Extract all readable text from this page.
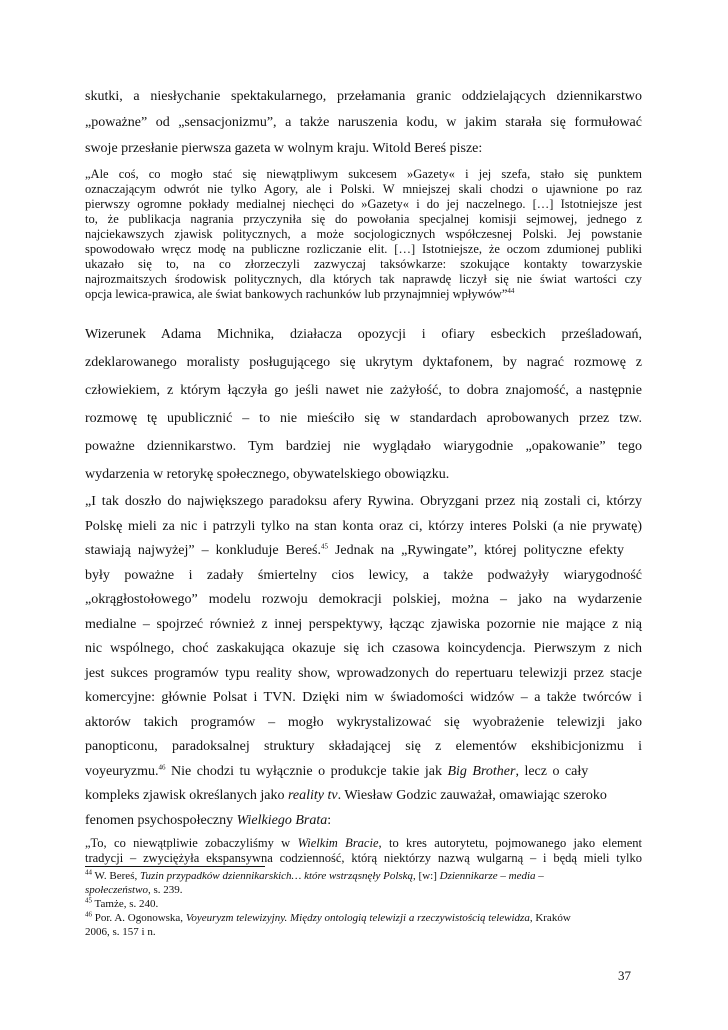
skutki, a niesłychanie spektakularnego, przełamania granic oddzielających dziennikarstwo
„poważne” od „sensacjonizmu”, a także naruszenia kodu, w jakim starała się formułować
swoje przesłanie pierwsza gazeta w wolnym kraju. Witold Bereś pisze:
„Ale coś, co mogło stać się niewątpliwym sukcesem »Gazety« i jej szefa, stało się punktem
oznaczającym odwrót nie tylko Agory, ale i Polski. W mniejszej skali chodzi o ujawnione po raz
pierwszy ogromne pokłady medialnej niechęci do »Gazety« i do jej naczelnego. […] Istotniejsze jest
to, że publikacja nagrania przyczyniła się do powołania specjalnej komisji sejmowej, jednego z
najciekawszych zjawisk politycznych, a może socjologicznych współczesnej Polski. Jej powstanie
spowodowało wręcz modę na publiczne rozliczanie elit. […] Istotniejsze, że oczom zdumionej publiki
ukazało się to, na co złorzeczyli zazwyczaj taksówkarze: szokujące kontakty towarzyskie
najrozmaitszych środowisk politycznych, dla których tak naprawdę liczył się nie świat wartości czy
opcja lewica-prawica, ale świat bankowych rachunków lub przynajmniej wpływów”$^{44}$
Wizerunek Adama Michnika, działacza opozycji i ofiary esbeckich prześladowań,
zdeklarowanego moralisty posługującego się ukrytym dyktafonem, by nagrać rozmowę z
człowiekiem, z którym łączyła go jeśli nawet nie zażyłość, to dobra znajomość, a następnie
rozmowę tę upublicznić – to nie mieściło się w standardach aprobowanych przez tzw.
poważne dziennikarstwo. Tym bardziej nie wyglądało wiarygodnie „opakowanie” tego
wydarzenia w retorykę społecznego, obywatelskiego obowiązku.
„I tak doszło do największego paradoksu afery Rywina. Obryzgani przez nią zostali ci, którzy
Polskę mieli za nic i patrzyli tylko na stan konta oraz ci, którzy interes Polski (a nie prywatę)
stawiają najwyżej” – konkluduje Bereś.$^{45}$ Jednak na „Rywingate”, której polityczne efekty
były poważne i zadały śmiertelny cios lewicy, a także podważyły wiarygodność
„okrągłostołowego” modelu rozwoju demokracji polskiej, można – jako na wydarzenie
medialne – spojrzeć również z innej perspektywy, łącząc zjawiska pozornie nie mające z nią
nic wspólnego, choć zaskakująca okazuje się ich czasowa koincydencja. Pierwszym z nich
jest sukces programów typu reality show, wprowadzonych do repertuaru telewizji przez stacje
komercyjne: głównie Polsat i TVN. Dzięki nim w świadomości widzów – a także twórców i
aktorów takich programów – mogło wykrystalizować się wyobrażenie telewizji jako
panopticonu, paradoksalnej struktury składającej się z elementów ekshibicjonizmu i
voyeuryzmu.$^{46}$ Nie chodzi tu wyłącznie o produkcje takie jak Big Brother, lecz o cały
kompleks zjawisk określanych jako reality tv. Wiesław Godzic zauważał, omawiając szeroko
$^{44}$ W. Bereś, Tuzin przypadków dziennikarskich… które wstrząsnęły Polską, [w:] Dziennikarze – media –
społeczeństwo, s. 239.
$^{45}$ Tamże, s. 240.
$^{46}$ Por. A. Ogonowska, Voyeuryzm telewizyjny. Między ontologią telewizji a rzeczywistością telewidza, Kraków
2006, s. 157 i n.
37
fenomen psychospołeczny Wielkiego Brata:
„To, co niewątpliwie zobaczyliśmy w Wielkim Bracie, to kres autorytetu, pojmowanego jako element
tradycji – zwyciężyła ekspansywna codzienność, którą niektórzy nazwą wulgarną – i będą mieli tylko
